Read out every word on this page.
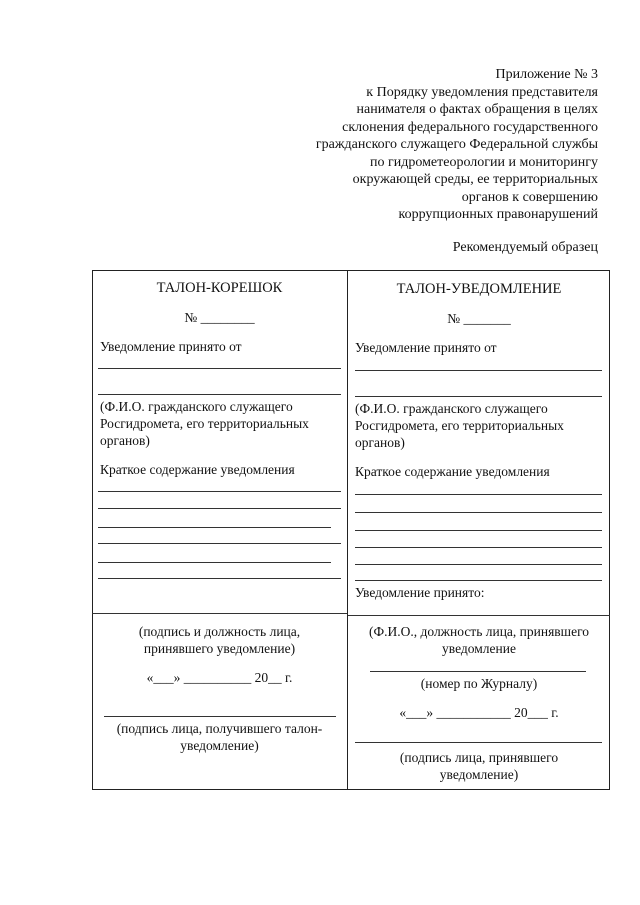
Приложение № 3
к Порядку уведомления представителя
нанимателя о фактах обращения в целях
склонения федерального государственного
гражданского служащего Федеральной службы
по гидрометеорологии и мониторингу
окружающей среды, ее территориальных
органов к совершению
коррупционных правонарушений
Рекомендуемый образец
ТАЛОН-КОРЕШОК
№ ________
Уведомление принято от
(Ф.И.О. гражданского служащего
Росгидромета, его территориальных
органов)
Краткое содержание уведомления
(подпись и должность лица,
принявшего уведомление)
«___» __________ 20__ г.
(подпись лица, получившего талон-
уведомление)
ТАЛОН-УВЕДОМЛЕНИЕ
№ _______
Уведомление принято от
(Ф.И.О. гражданского служащего
Росгидромета, его территориальных
органов)
Краткое содержание уведомления
Уведомление принято:
(Ф.И.О., должность лица, принявшего
уведомление
(номер по Журналу)
«___» ___________ 20___ г.
(подпись лица, принявшего
уведомление)
